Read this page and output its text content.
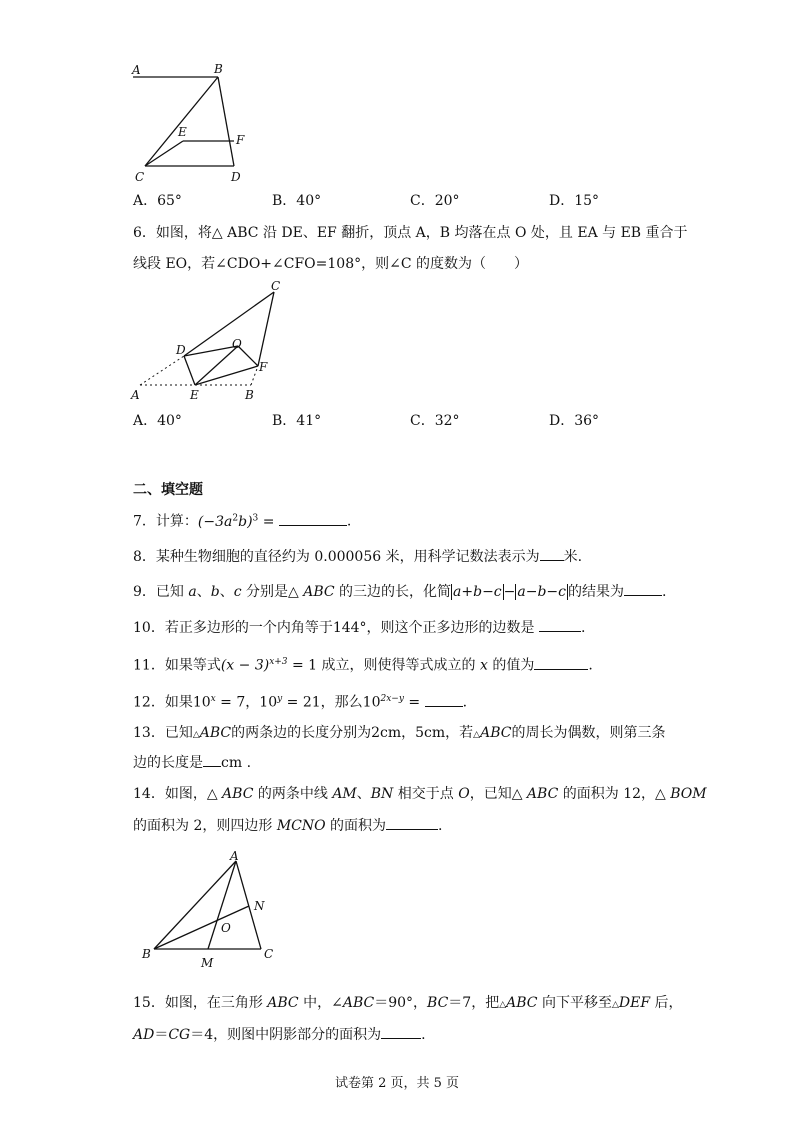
A	B
E
F
C	D
A．65°	B．40°	C．20°	D．15°
6．如图，将△ ABC 沿 DE、EF 翻折，顶点 A，B 均落在点 O 处，且 EA 与 EB 重合于
线段 EO，若∠CDO+∠CFO=108°，则∠C 的度数为（　　）
C
D	O
F
A	E	B
A．40°	B．41°	C．32°	D．36°
二、填空题
7．计算：$(-3a^2b)^3$ =	.
8．某种生物细胞的直径约为 0.000056 米，用科学记数法表示为 米.
9．已知 a、b、c 分别是△ ABC 的三边的长，化简 a+b−c − a−b−c 的结果为	.
10．若正多边形的一个内角等于144°，则这个正多边形的边数是	.
11．如果等式$(x - 3)^{x+3} = 1$ 成立，则使得等式成立的 x 的值为	.
12．如果$10^x = 7$，$10^y = 21$，那么$10^{2x-y}$ =	.
13．已知△ABC的两条边的长度分别为2cm，5cm，若△ABC的周长为偶数，则第三条
边的长度是 cm .
14．如图，△ ABC 的两条中线 AM、BN 相交于点 O，已知△ ABC 的面积为 12，△ BOM
的面积为 2，则四边形 MCNO 的面积为	.
A
N
O
B
M
C
15．如图，在三角形 ABC 中，∠ABC＝90°，BC＝7，把△ABC 向下平移至△DEF 后，
AD＝CG＝4，则图中阴影部分的面积为	.
试卷第 2 页，共 5 页
